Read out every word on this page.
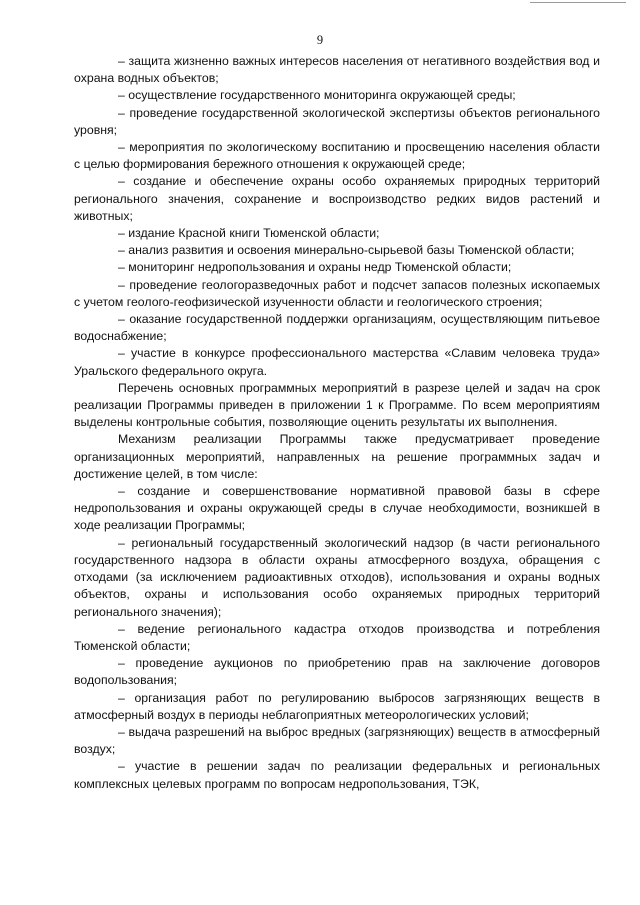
9

– защита жизненно важных интересов населения от негативного воздействия вод и охрана водных объектов;

– осуществление государственного мониторинга окружающей среды;

– проведение государственной экологической экспертизы объектов регионального уровня;

– мероприятия по экологическому воспитанию и просвещению населения области с целью формирования бережного отношения к окружающей среде;

– создание и обеспечение охраны особо охраняемых природных территорий регионального значения, сохранение и воспроизводство редких видов растений и животных;

– издание Красной книги Тюменской области;

– анализ развития и освоения минерально-сырьевой базы Тюменской области;

– мониторинг недропользования и охраны недр Тюменской области;

– проведение геологоразведочных работ и подсчет запасов полезных ископаемых с учетом геолого-геофизической изученности области и геологического строения;

– оказание государственной поддержки организациям, осуществляющим питьевое водоснабжение;

– участие в конкурсе профессионального мастерства «Славим человека труда» Уральского федерального округа.

Перечень основных программных мероприятий в разрезе целей и задач на срок реализации Программы приведен в приложении 1 к Программе. По всем мероприятиям выделены контрольные события, позволяющие оценить результаты их выполнения.

Механизм реализации Программы также предусматривает проведение организационных мероприятий, направленных на решение программных задач и достижение целей, в том числе:

– создание и совершенствование нормативной правовой базы в сфере недропользования и охраны окружающей среды в случае необходимости, возникшей в ходе реализации Программы;

– региональный государственный экологический надзор (в части регионального государственного надзора в области охраны атмосферного воздуха, обращения с отходами (за исключением радиоактивных отходов), использования и охраны водных объектов, охраны и использования особо охраняемых природных территорий регионального значения);

– ведение регионального кадастра отходов производства и потребления Тюменской области;

– проведение аукционов по приобретению прав на заключение договоров водопользования;

– организация работ по регулированию выбросов загрязняющих веществ в атмосферный воздух в периоды неблагоприятных метеорологических условий;

– выдача разрешений на выброс вредных (загрязняющих) веществ в атмосферный воздух;

– участие в решении задач по реализации федеральных и региональных комплексных целевых программ по вопросам недропользования, ТЭК,
